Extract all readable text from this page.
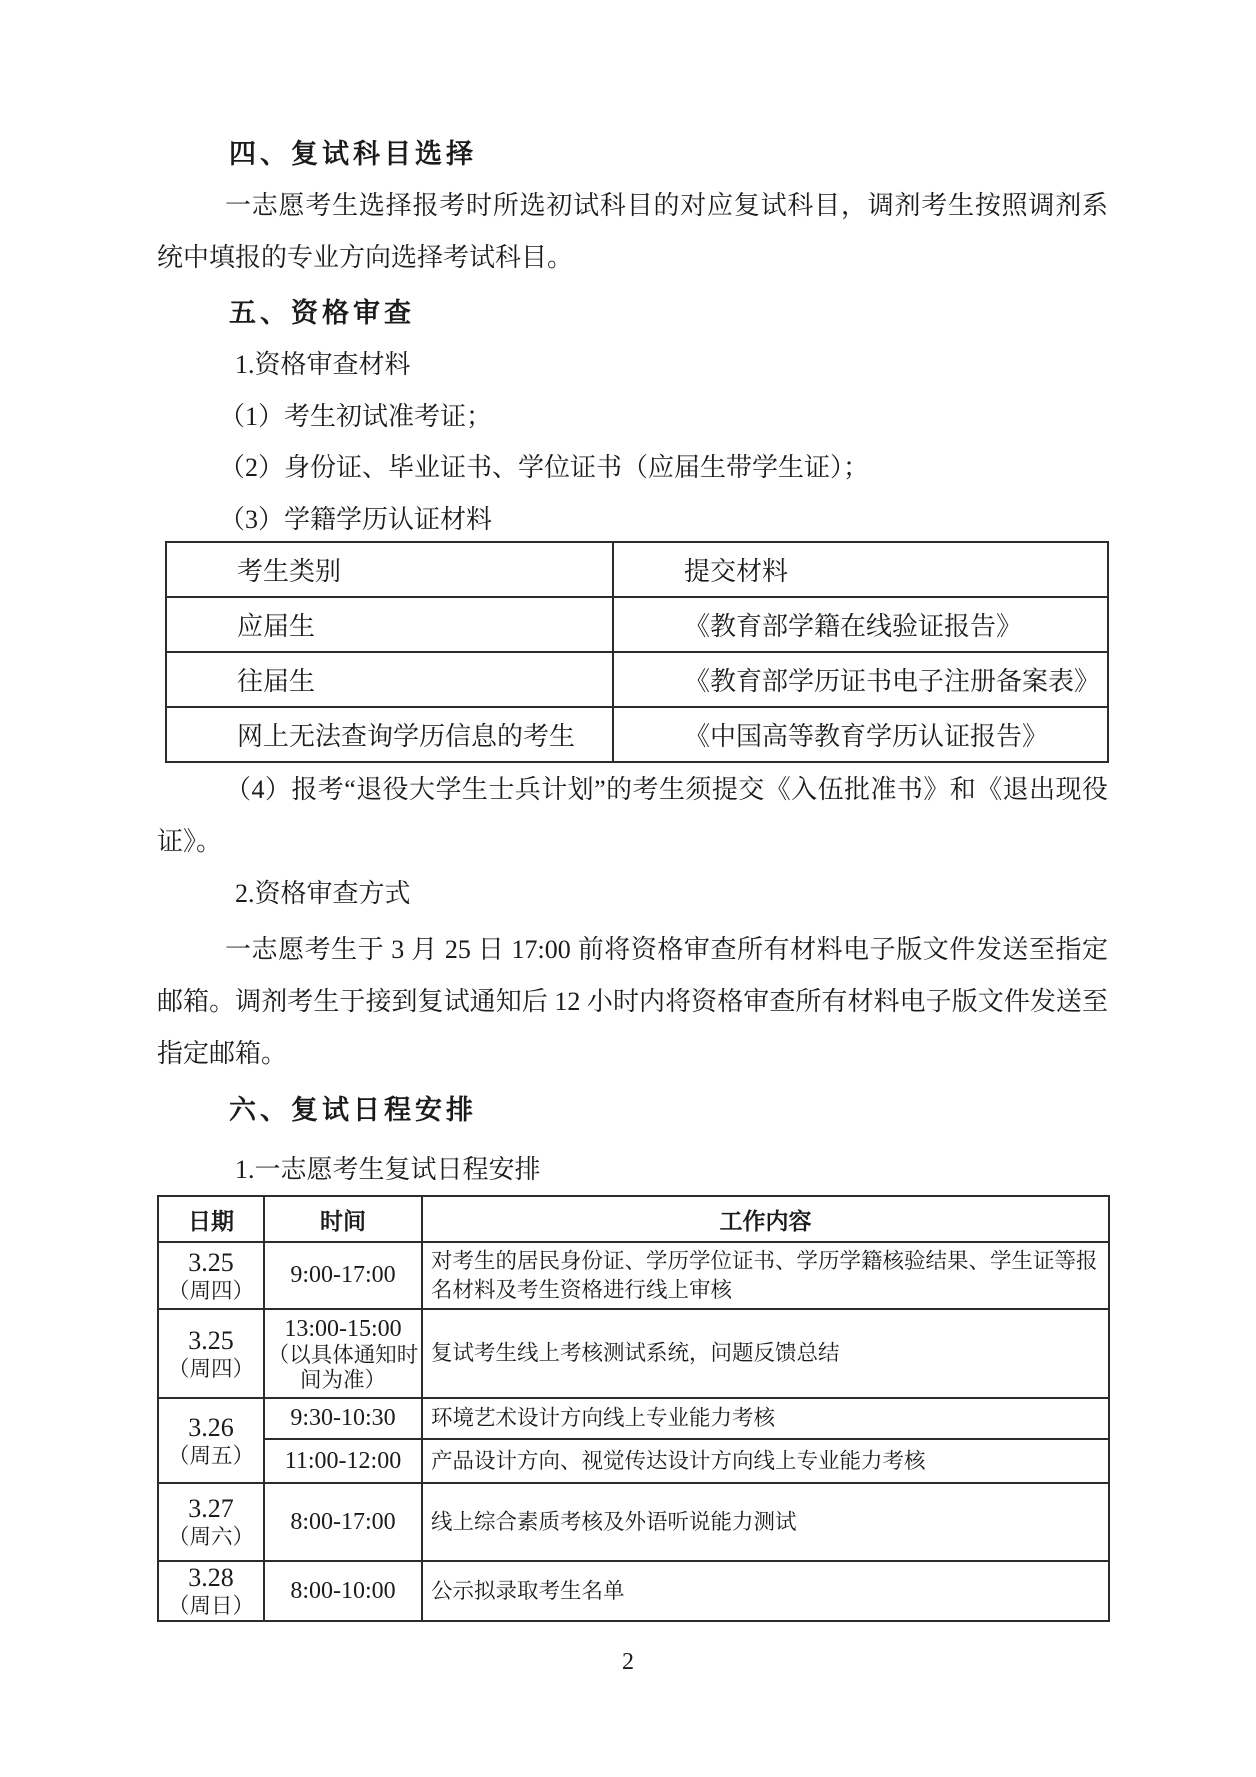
四、复试科目选择
一志愿考生选择报考时所选初试科目的对应复试科目，调剂考生按照调剂系统中填报的专业方向选择考试科目。
五、资格审查
1.资格审查材料
（1）考生初试准考证；
（2）身份证、毕业证书、学位证书（应届生带学生证）；
（3）学籍学历认证材料
考生类别	提交材料
应届生	《教育部学籍在线验证报告》
往届生	《教育部学历证书电子注册备案表》
网上无法查询学历信息的考生	《中国高等教育学历认证报告》
（4）报考“退役大学生士兵计划”的考生须提交《入伍批准书》和《退出现役证》。
2.资格审查方式
一志愿考生于 3 月 25 日 17:00 前将资格审查所有材料电子版文件发送至指定邮箱。调剂考生于接到复试通知后 12 小时内将资格审查所有材料电子版文件发送至指定邮箱。
六、复试日程安排
1.一志愿考生复试日程安排
日期	时间	工作内容

3.25
（周四）	9:00-17:00	对考生的居民身份证、学历学位证书、学历学籍核验结果、学生证等报名材料及考生资格进行线上审核

3.25
（周四）	13:00-15:00
（以具体通知时间为准）	复试考生线上考核测试系统，问题反馈总结

3.26
（周五）	9:30-10:30	环境艺术设计方向线上专业能力考核
	11:00-12:00	产品设计方向、视觉传达设计方向线上专业能力考核

3.27
（周六）	8:00-17:00	线上综合素质考核及外语听说能力测试

3.28
（周日）	8:00-10:00	公示拟录取考生名单
2
